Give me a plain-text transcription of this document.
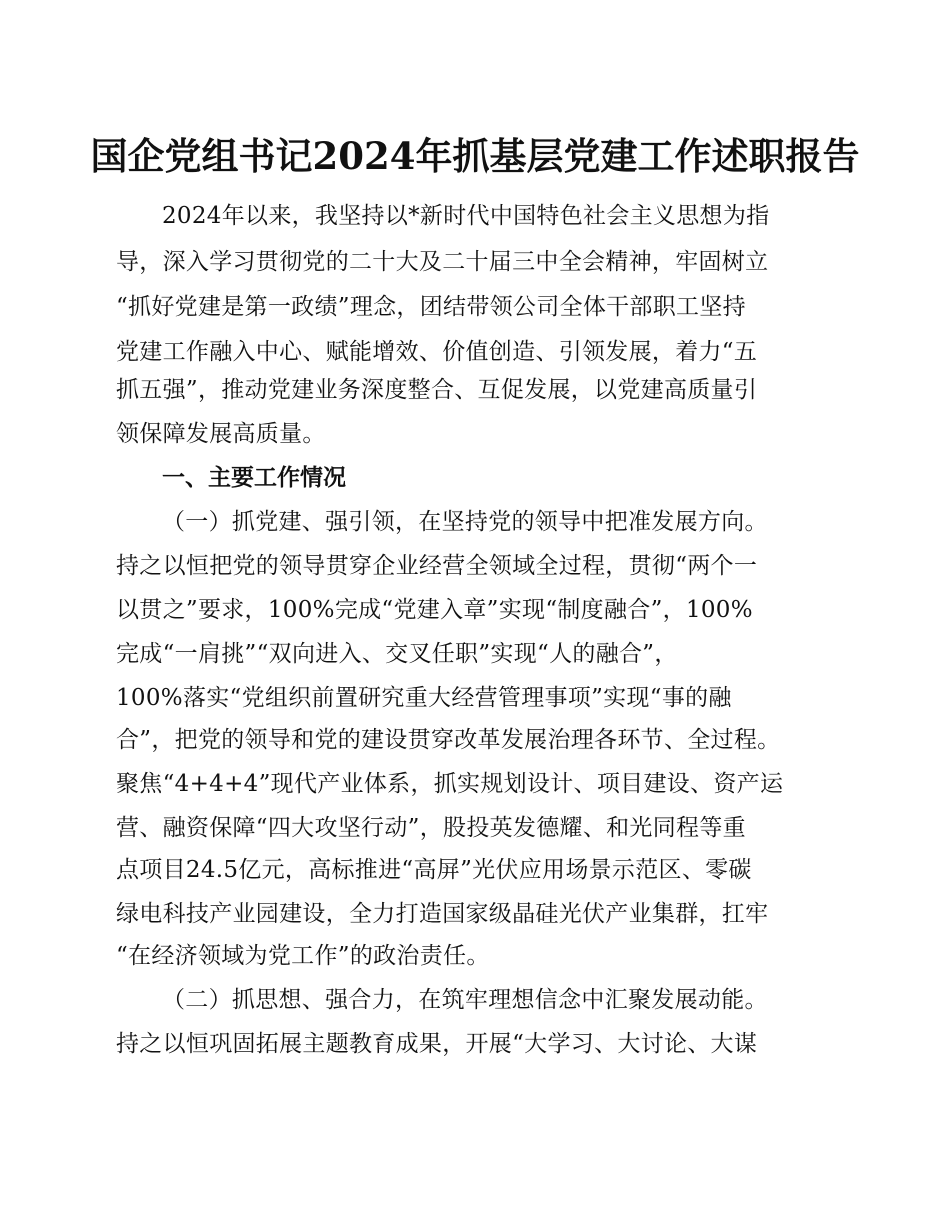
国企党组书记2024年抓基层党建工作述职报告
2024年以来，我坚持以*新时代中国特色社会主义思想为指
导，深入学习贯彻党的二十大及二十届三中全会精神，牢固树立
“抓好党建是第一政绩”理念，团结带领公司全体干部职工坚持
党建工作融入中心、赋能增效、价值创造、引领发展，着力“五
抓五强”，推动党建业务深度整合、互促发展，以党建高质量引
领保障发展高质量。
一、主要工作情况
（一）抓党建、强引领，在坚持党的领导中把准发展方向。
持之以恒把党的领导贯穿企业经营全领域全过程，贯彻“两个一
以贯之”要求，100%完成“党建入章”实现“制度融合”，100%
完成“一肩挑”“双向进入、交叉任职”实现“人的融合”，
100%落实“党组织前置研究重大经营管理事项”实现“事的融
合”，把党的领导和党的建设贯穿改革发展治理各环节、全过程。
聚焦“4+4+4”现代产业体系，抓实规划设计、项目建设、资产运
营、融资保障“四大攻坚行动”，股投英发德耀、和光同程等重
点项目24.5亿元，高标推进“高屏”光伏应用场景示范区、零碳
绿电科技产业园建设，全力打造国家级晶硅光伏产业集群，扛牢
“在经济领域为党工作”的政治责任。
（二）抓思想、强合力，在筑牢理想信念中汇聚发展动能。
持之以恒巩固拓展主题教育成果，开展“大学习、大讨论、大谋
